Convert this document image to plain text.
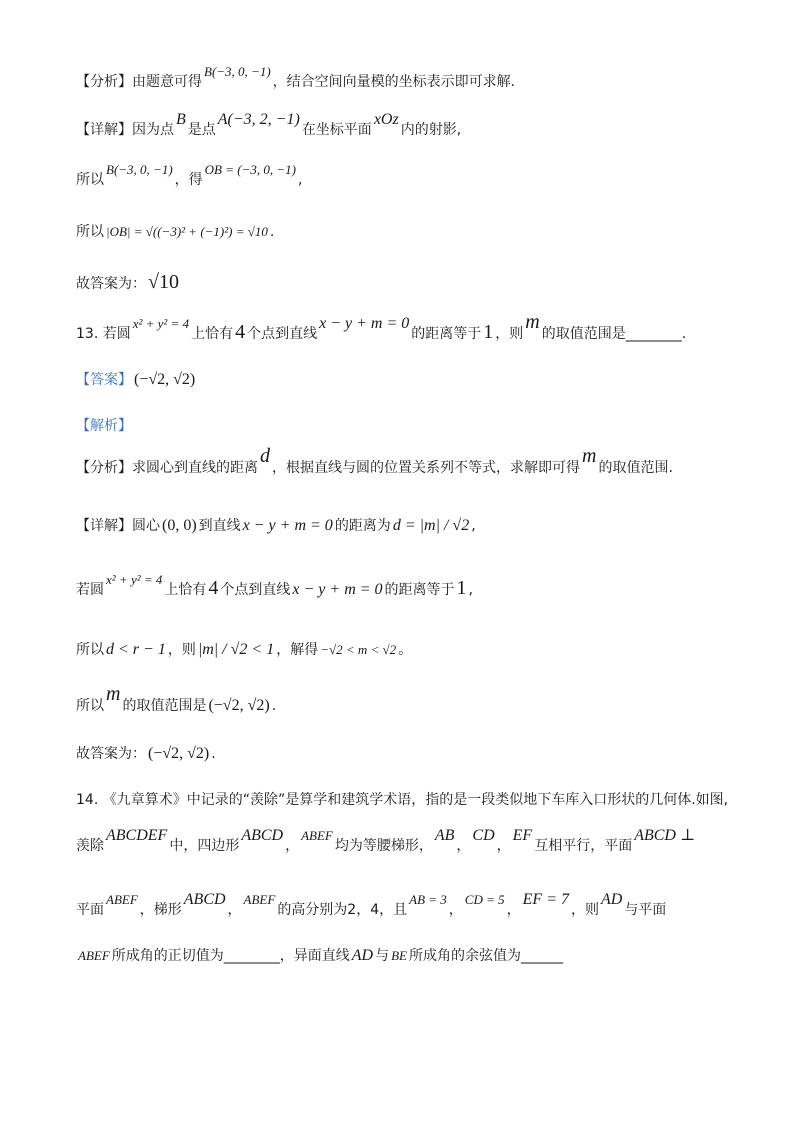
【分析】由题意可得B(−3, 0, −1)，结合空间向量模的坐标表示即可求解.
【详解】因为点B是点A(−3, 2, −1)在坐标平面xOz内的射影,
所以B(−3, 0, −1)，得OB = (−3, 0, −1),
所以 |OB| = √((−3)² + (−1)²) = √10 .
故答案为： √10
13. 若圆x² + y² = 4上恰有 4 个点到直线x − y + m = 0的距离等于 1 ，则m的取值范围是________.
【答案】 (−√2, √2)
【解析】
【分析】求圆心到直线的距离d，根据直线与圆的位置关系列不等式，求解即可得m的取值范围.
【详解】圆心 (0, 0) 到直线 x − y + m = 0 的距离为 d = |m| / √2 ,
若圆x² + y² = 4上恰有 4 个点到直线 x − y + m = 0 的距离等于 1 ,
所以 d < r − 1 ，则 |m| / √2 < 1 ，解得 −√2 < m < √2 。
所以m的取值范围是 (−√2, √2) .
故答案为： (−√2, √2) .
14. 《九章算术》中记录的“羡除”是算学和建筑学术语，指的是一段类似地下车库入口形状的几何体.如图,
羡除ABCDEF中，四边形ABCD，ABEF均为等腰梯形，AB，CD，EF互相平行，平面ABCD ⊥
平面ABEF，梯形ABCD，ABEF的高分别为2，4，且AB = 3，CD = 5，EF = 7，则AD与平面
ABEF 所成角的正切值为________，异面直线 AD 与 BE 所成角的余弦值为______
